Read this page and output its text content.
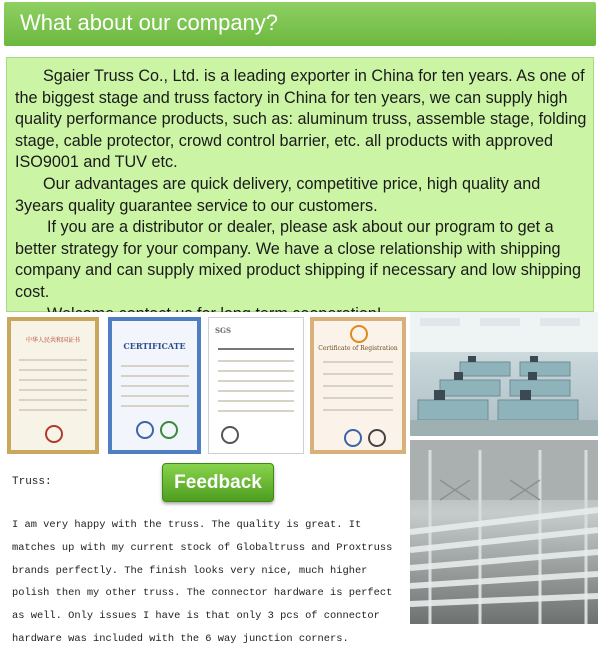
What about our company?

Sgaier Truss Co., Ltd. is a leading exporter in China for ten years. As one of the biggest stage and truss factory in China for ten years, we can supply high quality performance products, such as: aluminum truss, assemble stage, folding stage, cable protector, crowd control barrier, etc. all products with approved ISO9001 and TUV etc.

Our advantages are quick delivery, competitive price, high quality and 3years quality guarantee service to our customers.

If you are a distributor or dealer, please ask about our program to get a better strategy for your company. We have a close relationship with shipping company and can supply mixed product shipping if necessary and low shipping cost.

中华人民共和国证书
CERTIFICATE
SGS
Certificate of Registration
Truss:	Feedback
I am very happy with the truss. The quality is great. It matches up with my current stock of Globaltruss and Proxtruss brands perfectly. The finish looks very nice, much higher polish then my other truss. The connector hardware is perfect as well. Only issues I have is that only 3 pcs of connector hardware was included with the 6 way junction corners.
